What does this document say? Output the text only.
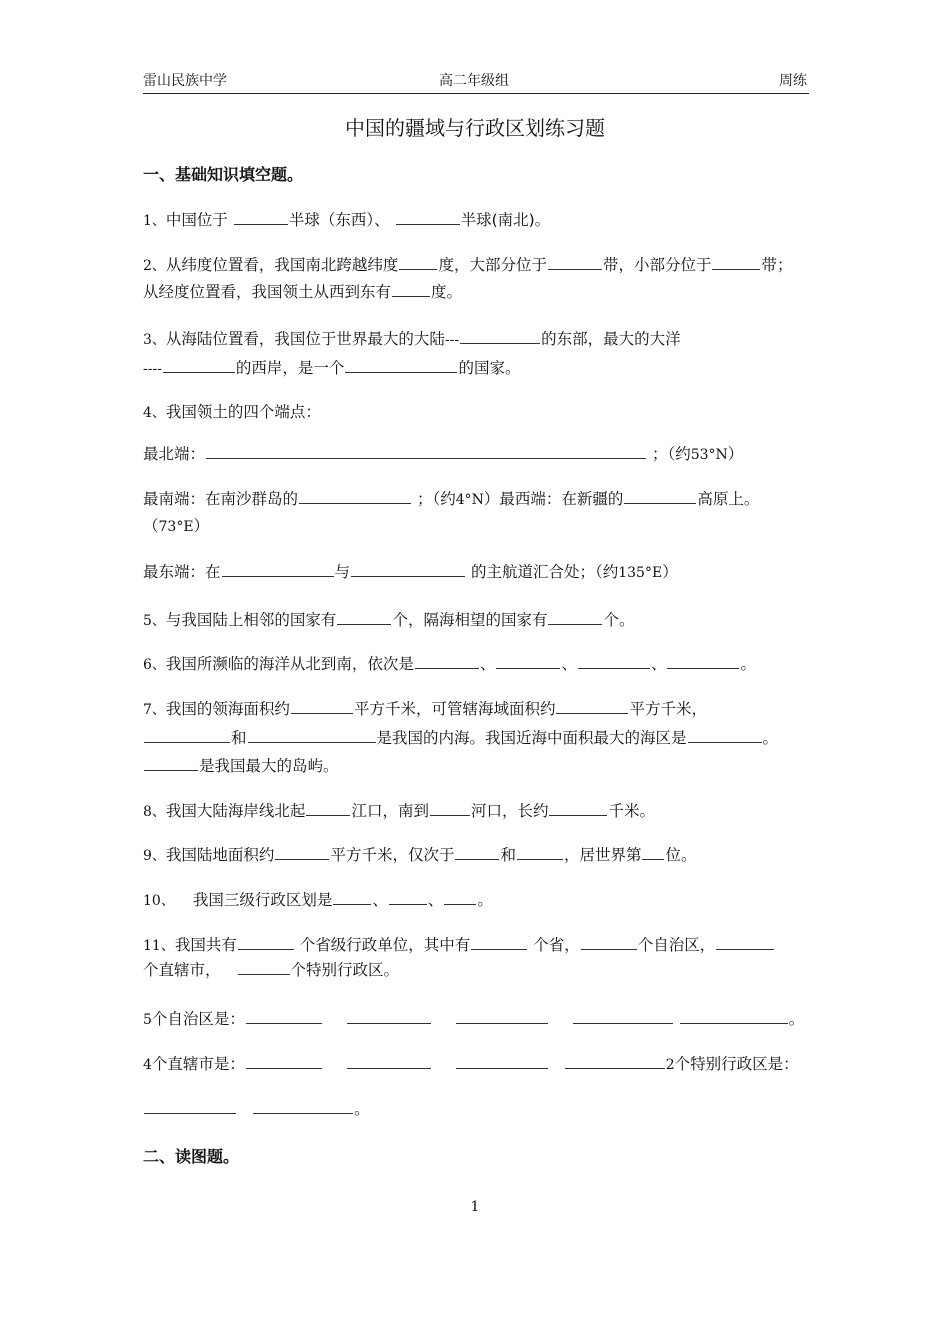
雷山民族中学	高二年级组	周练
中国的疆域与行政区划练习题
一、基础知识填空题。
1、中国位于	半球（东西）、	半球(南北)。
2、从纬度位置看，我国南北跨越纬度	度，大部分位于	带，小部分位于	带；
从经度位置看，我国领土从西到东有	度。
3、从海陆位置看，我国位于世界最大的大陆---	的东部，最大的大洋
----	的西岸，是一个	的国家。
4、我国领土的四个端点：
最北端：	；（约53°N）
最南端：在南沙群岛的	；（约4°N）最西端：在新疆的	高原上。
（73°E）
最东端：在	与	的主航道汇合处；（约135°E）
5、与我国陆上相邻的国家有	个，隔海相望的国家有	个。
6、我国所濒临的海洋从北到南，依次是	、	、	、	。
7、我国的领海面积约	平方千米，可管辖海域面积约	平方千米，
和	是我国的内海。我国近海中面积最大的海区是	。
是我国最大的岛屿。
8、我国大陆海岸线北起	江口，南到	河口，长约	千米。
9、我国陆地面积约	平方千米，仅次于	和	，居世界第 位。
10、 我国三级行政区划是	、	、 。
11、我国共有	个省级行政单位，其中有	个省，	个自治区，
个直辖市，	个特别行政区。
5个自治区是：	。
4个直辖市是：	2个特别行政区是：
。
二、读图题。
1
